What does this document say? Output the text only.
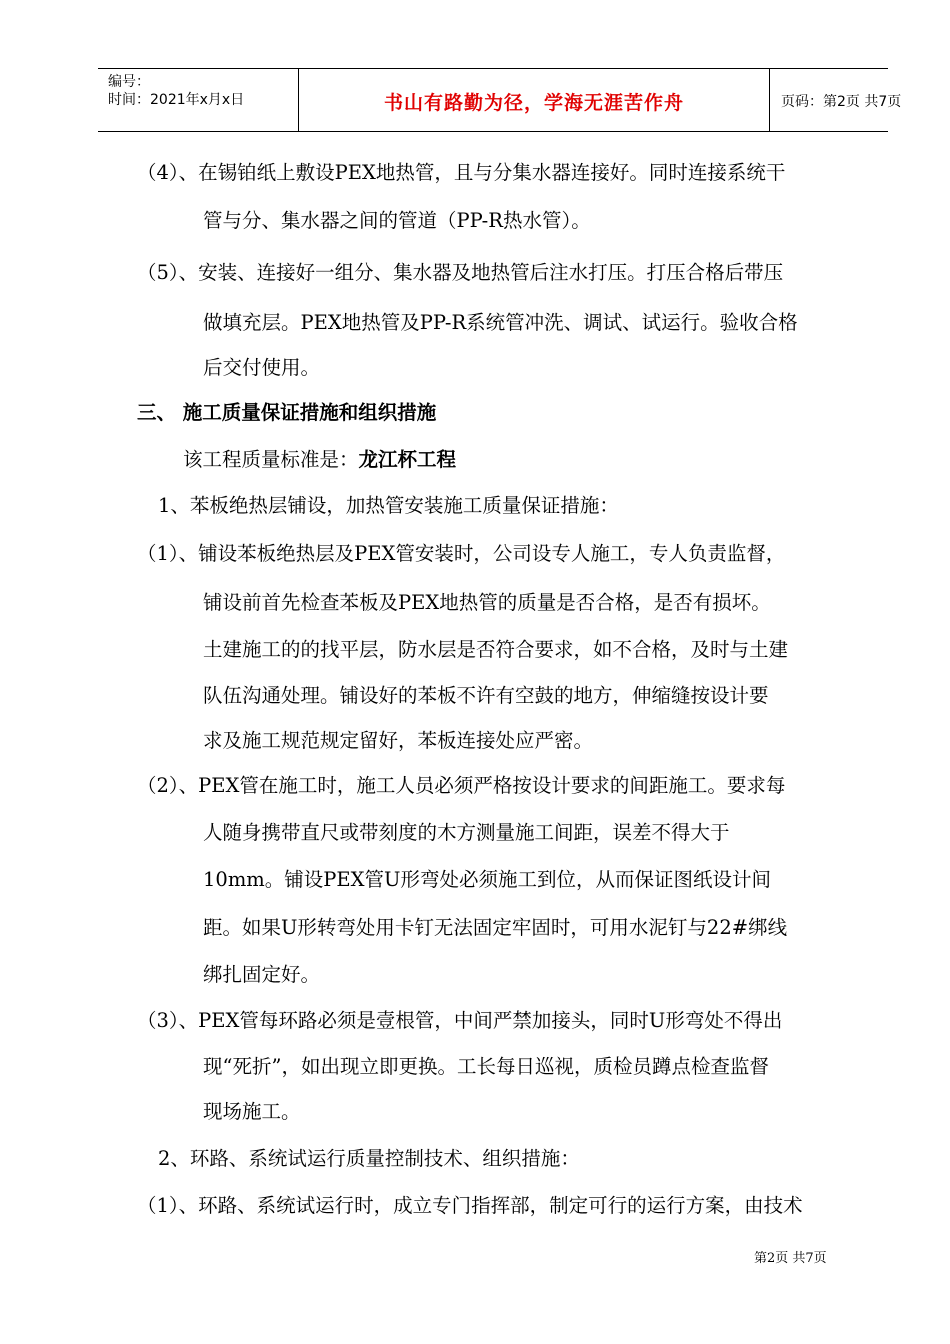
编号：
时间：2021年x月x日	书山有路勤为径，学海无涯苦作舟	页码：第2页 共7页
（4）、在锡铂纸上敷设PEX地热管，且与分集水器连接好。同时连接系统干
管与分、集水器之间的管道（PP-R热水管）。
（5）、安装、连接好一组分、集水器及地热管后注水打压。打压合格后带压
做填充层。PEX地热管及PP-R系统管冲洗、调试、试运行。验收合格
后交付使用。
三、 施工质量保证措施和组织措施
该工程质量标准是：龙江杯工程
1、苯板绝热层铺设，加热管安装施工质量保证措施：
（1）、铺设苯板绝热层及PEX管安装时，公司设专人施工，专人负责监督，
铺设前首先检查苯板及PEX地热管的质量是否合格，是否有损坏。
土建施工的的找平层，防水层是否符合要求，如不合格，及时与土建
队伍沟通处理。铺设好的苯板不许有空鼓的地方，伸缩缝按设计要
求及施工规范规定留好，苯板连接处应严密。
（2）、PEX管在施工时，施工人员必须严格按设计要求的间距施工。要求每
人随身携带直尺或带刻度的木方测量施工间距，误差不得大于
10mm。铺设PEX管U形弯处必须施工到位，从而保证图纸设计间
距。如果U形转弯处用卡钉无法固定牢固时，可用水泥钉与22#绑线
绑扎固定好。
（3）、PEX管每环路必须是壹根管，中间严禁加接头，同时U形弯处不得出
现“死折”，如出现立即更换。工长每日巡视，质检员蹲点检查监督
现场施工。
2、环路、系统试运行质量控制技术、组织措施：
（1）、环路、系统试运行时，成立专门指挥部，制定可行的运行方案，由技术
第2页 共7页
